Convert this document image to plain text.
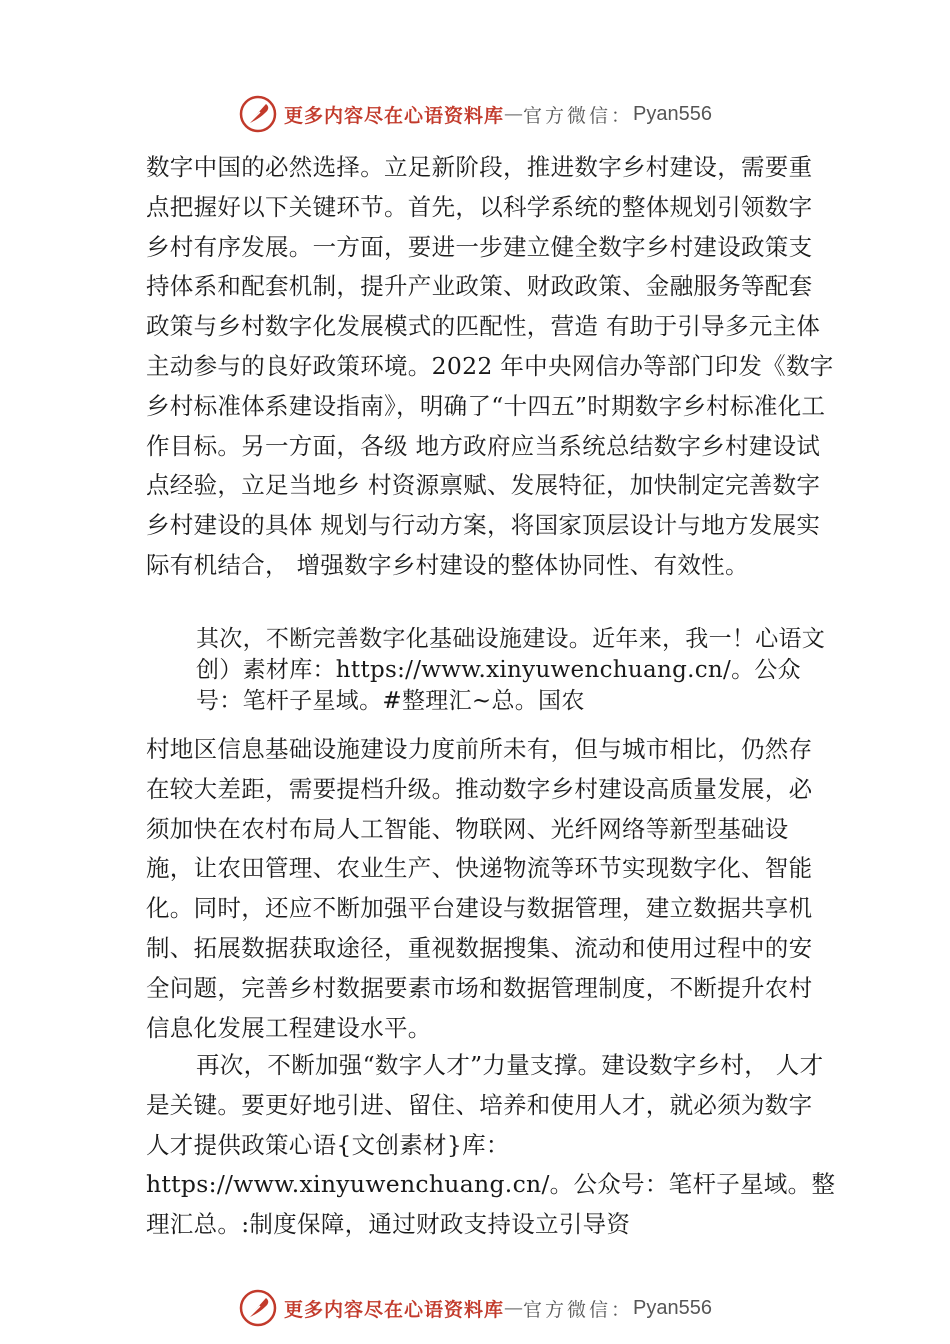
更多内容尽在心语资料库 — 官方微信： Pyan556

数字中国的必然选择。立足新阶段，推进数字乡村建设，需要重点把握好以下关键环节。首先，以科学系统的整体规划引领数字乡村有序发展。一方面，要进一步建立健全数字乡村建设政策支持体系和配套机制，提升产业政策、财政政策、金融服务等配套政策与乡村数字化发展模式的匹配性，营造 有助于引导多元主体主动参与的良好政策环境。2022 年中央网信办等部门印发《数字乡村标准体系建设指南》，明确了“十四五”时期数字乡村标准化工作目标。另一方面，各级 地方政府应当系统总结数字乡村建设试点经验，立足当地乡 村资源禀赋、发展特征，加快制定完善数字乡村建设的具体 规划与行动方案，将国家顶层设计与地方发展实际有机结合， 增强数字乡村建设的整体协同性、有效性。

其次，不断完善数字化基础设施建设。近年来，我一！心语文创）素材库：https://www.xinyuwenchuang.cn/。公众号：笔杆子星域。#整理汇~总。国农

村地区信息基础设施建设力度前所未有，但与城市相比，仍然存在较大差距，需要提档升级。推动数字乡村建设高质量发展，必须加快在农村布局人工智能、物联网、光纤网络等新型基础设施，让农田管理、农业生产、快递物流等环节实现数字化、智能化。同时，还应不断加强平台建设与数据管理，建立数据共享机制、拓展数据获取途径，重视数据搜集、流动和使用过程中的安全问题，完善乡村数据要素市场和数据管理制度，不断提升农村信息化发展工程建设水平。

再次，不断加强“数字人才”力量支撑。建设数字乡村， 人才是关键。要更好地引进、留住、培养和使用人才，就必须为数字人才提供政策心语{文创素材}库：https://www.xinyuwenchuang.cn/。公众号：笔杆子星域。整理汇总。:制度保障，通过财政支持设立引导资

更多内容尽在心语资料库 — 官方微信： Pyan556
